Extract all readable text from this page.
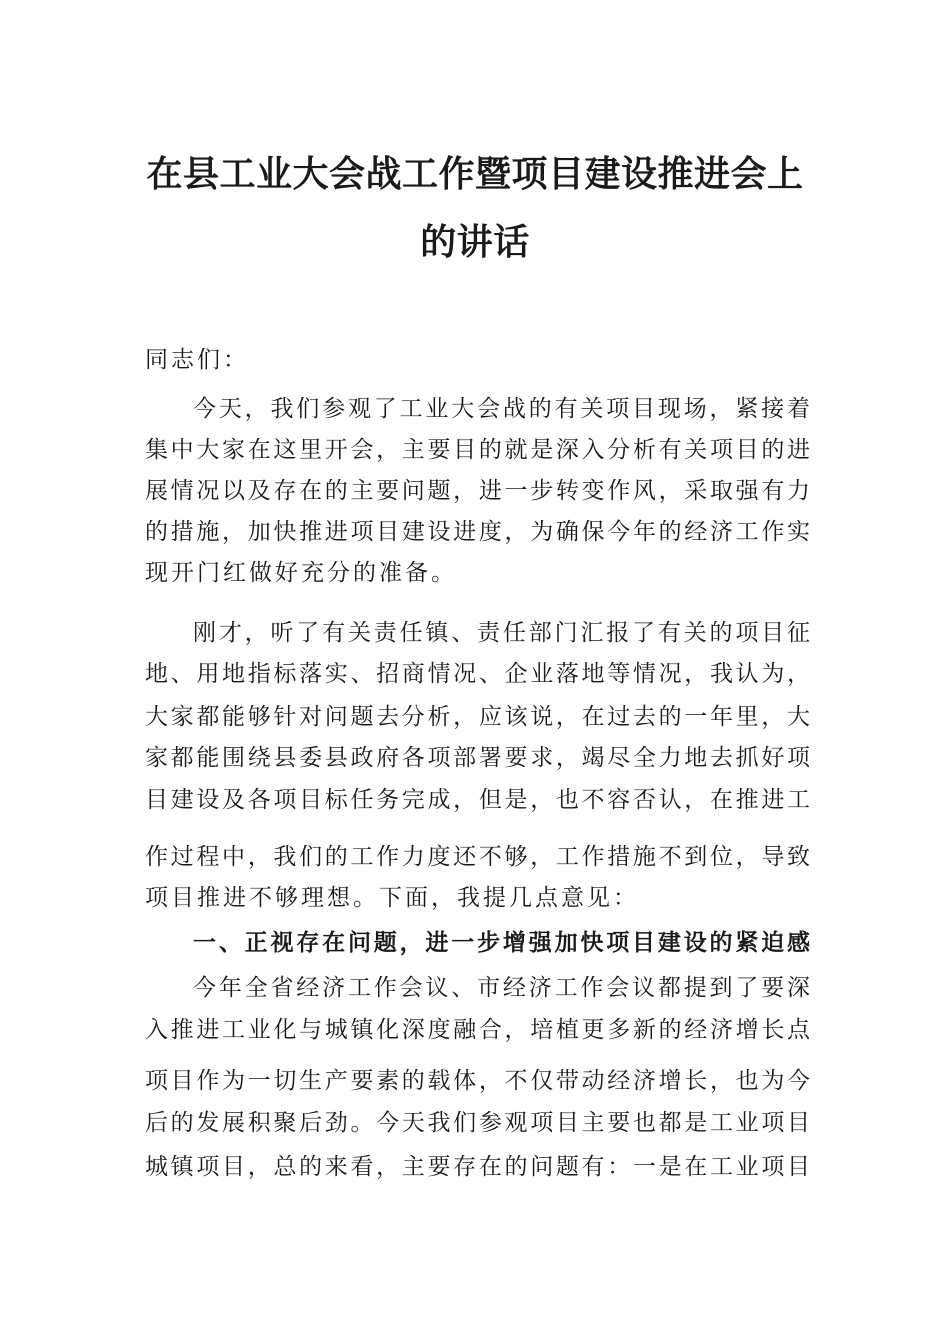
在县工业大会战工作暨项目建设推进会上
的讲话
同志们：
今天，我们参观了工业大会战的有关项目现场，紧接着
集中大家在这里开会，主要目的就是深入分析有关项目的进
展情况以及存在的主要问题，进一步转变作风，采取强有力
的措施，加快推进项目建设进度，为确保今年的经济工作实
现开门红做好充分的准备。
刚才，听了有关责任镇、责任部门汇报了有关的项目征
地、用地指标落实、招商情况、企业落地等情况，我认为，
大家都能够针对问题去分析，应该说，在过去的一年里，大
家都能围绕县委县政府各项部署要求，竭尽全力地去抓好项
目建设及各项目标任务完成，但是，也不容否认，在推进工
作过程中，我们的工作力度还不够，工作措施不到位，导致
项目推进不够理想。下面，我提几点意见：
一、正视存在问题，进一步增强加快项目建设的紧迫感
今年全省经济工作会议、市经济工作会议都提到了要深
入推进工业化与城镇化深度融合，培植更多新的经济增长点
项目作为一切生产要素的载体，不仅带动经济增长，也为今
后的发展积聚后劲。今天我们参观项目主要也都是工业项目
城镇项目，总的来看，主要存在的问题有：一是在工业项目
